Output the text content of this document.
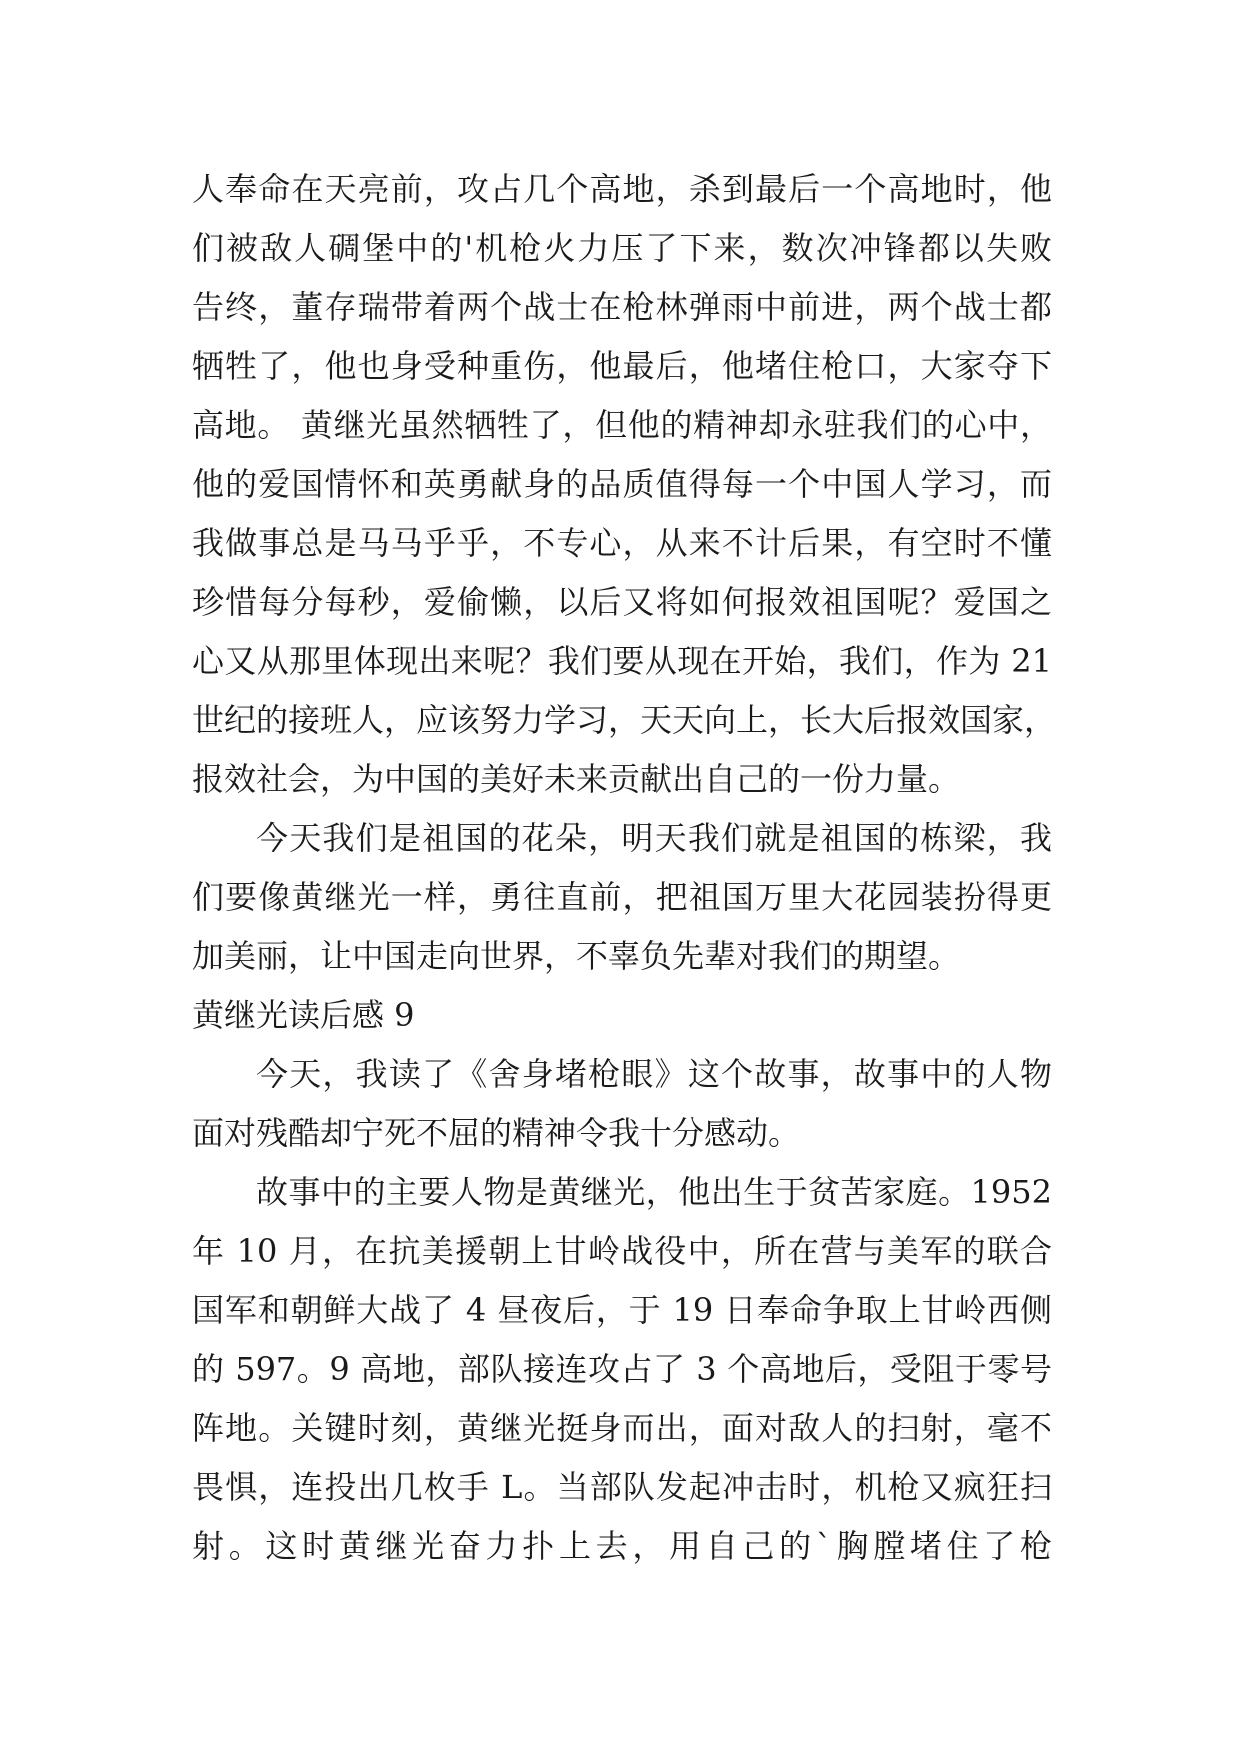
人奉命在天亮前，攻占几个高地，杀到最后一个高地时，他
们被敌人碉堡中的'机枪火力压了下来，数次冲锋都以失败
告终，董存瑞带着两个战士在枪林弹雨中前进，两个战士都
牺牲了，他也身受种重伤，他最后，他堵住枪口，大家夺下
高地。 黄继光虽然牺牲了，但他的精神却永驻我们的心中，
他的爱国情怀和英勇献身的品质值得每一个中国人学习，而
我做事总是马马乎乎，不专心，从来不计后果，有空时不懂
珍惜每分每秒，爱偷懒，以后又将如何报效祖国呢？爱国之
心又从那里体现出来呢？我们要从现在开始，我们，作为 21
世纪的接班人，应该努力学习，天天向上，长大后报效国家，
报效社会，为中国的美好未来贡献出自己的一份力量。
今天我们是祖国的花朵，明天我们就是祖国的栋梁，我
们要像黄继光一样，勇往直前，把祖国万里大花园装扮得更
加美丽，让中国走向世界，不辜负先辈对我们的期望。
黄继光读后感 9
今天，我读了《舍身堵枪眼》这个故事，故事中的人物
面对残酷却宁死不屈的精神令我十分感动。
故事中的主要人物是黄继光，他出生于贫苦家庭。1952
年 10 月，在抗美援朝上甘岭战役中，所在营与美军的联合
国军和朝鲜大战了 4 昼夜后，于 19 日奉命争取上甘岭西侧
的 597。9 高地，部队接连攻占了 3 个高地后，受阻于零号
阵地。关键时刻，黄继光挺身而出，面对敌人的扫射，毫不
畏惧，连投出几枚手 L。当部队发起冲击时，机枪又疯狂扫
射。这时黄继光奋力扑上去，用自己的`胸膛堵住了枪
